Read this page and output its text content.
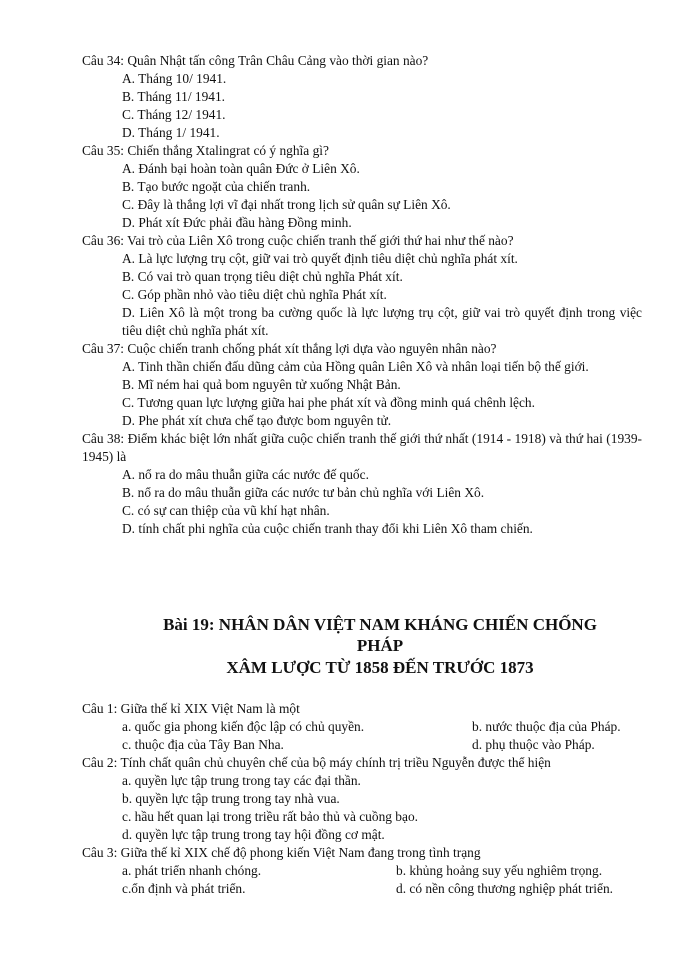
Câu 34: Quân Nhật tấn công Trân Châu Cảng vào thời gian nào?
A. Tháng 10/ 1941.
B. Tháng 11/ 1941.
C. Tháng 12/ 1941.
D. Tháng 1/ 1941.
Câu 35: Chiến thắng Xtalingrat có ý nghĩa gì?
A. Đánh bại hoàn toàn quân Đức ở Liên Xô.
B. Tạo bước ngoặt của chiến tranh.
C. Đây là thắng lợi vĩ đại nhất trong lịch sử quân sự Liên Xô.
D. Phát xít Đức phải đầu hàng Đồng minh.
Câu 36: Vai trò của Liên Xô trong cuộc chiến tranh thế giới thứ hai như thế nào?
A. Là lực lượng trụ cột, giữ vai trò quyết định tiêu diệt chủ nghĩa phát xít.
B. Có vai trò quan trọng tiêu diệt chủ nghĩa Phát xít.
C. Góp phần nhỏ vào tiêu diệt chủ nghĩa Phát xít.
D. Liên Xô là một trong ba cường quốc là lực lượng trụ cột, giữ vai trò quyết định trong việc tiêu diệt chủ nghĩa phát xít.
Câu 37: Cuộc chiến tranh chống phát xít thắng lợi dựa vào nguyên nhân nào?
A. Tinh thần chiến đấu dũng cảm của Hồng quân Liên Xô và nhân loại tiến bộ thế giới.
B. Mĩ ném hai quả bom nguyên tử xuống Nhật Bản.
C. Tương quan lực lượng giữa hai phe phát xít và đồng minh quá chênh lệch.
D. Phe phát xít chưa chế tạo được bom nguyên tử.
Câu 38: Điểm khác biệt lớn nhất giữa cuộc chiến tranh thế giới thứ nhất (1914 - 1918) và thứ hai (1939-1945) là
A. nổ ra do mâu thuẫn giữa các nước đế quốc.
B. nổ ra do mâu thuẫn giữa các nước tư bản chủ nghĩa với Liên Xô.
C. có sự can thiệp của vũ khí hạt nhân.
D. tính chất phi nghĩa của cuộc chiến tranh thay đổi khi Liên Xô tham chiến.
Bài 19: NHÂN DÂN VIỆT NAM KHÁNG CHIẾN CHỐNG
PHÁP
XÂM LƯỢC TỪ 1858 ĐẾN TRƯỚC 1873
Câu 1: Giữa thế kỉ XIX Việt Nam là một
a. quốc gia phong kiến độc lập có chủ quyền.	b. nước thuộc địa của Pháp.
c. thuộc địa của Tây Ban Nha.	d. phụ thuộc vào Pháp.
Câu 2: Tính chất quân chủ chuyên chế của bộ máy chính trị triều Nguyễn được thể hiện
a. quyền lực tập trung trong tay các đại thần.
b. quyền lực tập trung trong tay nhà vua.
c. hầu hết quan lại trong triều rất bảo thủ và cuồng bạo.
d. quyền lực tập trung trong tay hội đồng cơ mật.
Câu 3: Giữa thế kỉ XIX chế độ phong kiến Việt Nam đang trong tình trạng
a. phát triển nhanh chóng.	b. khủng hoảng suy yếu nghiêm trọng.
c.ổn định và phát triển.	d. có nền công thương nghiệp phát triển.
